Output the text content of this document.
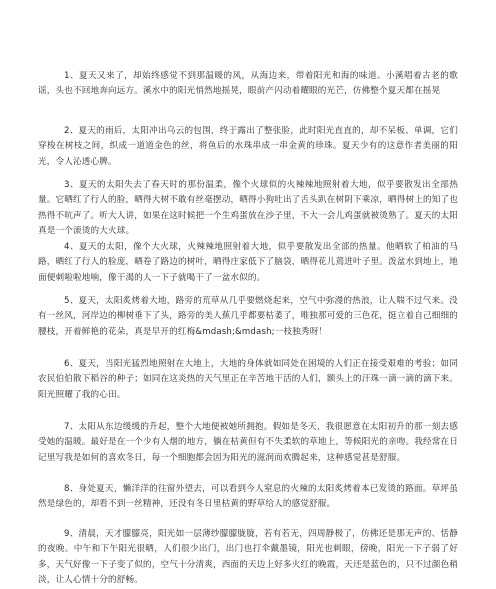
1、夏天又来了，却始终感觉不到那温暖的风，从海边来，带着阳光和海的味道。小溪唱着古老的歌谣，头也不回地奔向远方。溪水中的阳光悄然地摇晃，眼前产闪动着耀眼的光芒，仿佛整个夏天都在摇晃

2、夏天的雨后，太阳冲出乌云的包围，终于露出了整张脸，此时阳光直直的，却不呆板、单调，它们穿梭在树枝之间，织成一道道金色的丝，将鱼后的水珠串成一串金黄的珍珠。夏天少有的这意作者美丽的阳光，令人沁透心脾。

3、夏天的太阳失去了春天时的那份温柔，像个火球似的火辣辣地照射着大地，似乎要散发出全部热量。它晒红了行人的脸，晒得大树不敢有丝毫摆动，晒得小狗吐出了舌头趴在树阴下乘凉，晒得树上的知了也热得不吭声了。听大人讲，如果在这时候把一个生鸡蛋放在沙子里，不大一会儿鸡蛋就被烫熟了。夏天的太阳真是一个滚烫的大火球。

4、夏天的太阳，像个大火球，火辣辣地照射着大地，似乎要散发出全部的热量。他晒软了柏油的马路，晒红了行人的脸庞，晒卷了路边的树叶，晒得庄家低下了脑袋，晒得花儿蔫进叶子里。泼盆水到地上，地面便刺啦啦地响，像干渴的人一下子就喝干了一盆水似的。

5、夏天，太阳炙烤着大地，路旁的荒草从几乎要燃烧起来，空气中弥漫的热浪，让人喘不过气来。没有一丝风，河岸边的柳树垂下了头，路旁的美人蕉几乎都要枯萎了，唯独那可爱的三色花，挺立着自己细细的腰枝，开着鲜艳的花朵，真是早开的红梅&mdash;&mdash;一枝独秀呀！

6、夏天，当阳光猛烈地照射在大地上，大地的身体就如同处在困境的人们正在接受艰难的考验；如同农民伯伯散下稻谷的种子；如同在这炎热的天气里正在辛苦地干活的人们，额头上的汗珠一滴一滴的滴下来。阳光照耀了我的心田。

7、太阳从东边缓缓的升起，整个大地便被她所拥抱。假如是冬天，我很愿意在太阳初升的那一刻去感受她的温暖。最好是在一个少有人烟的地方，躺在枯黄但有不失柔软的草地上，等候阳光的亲吻。我经常在日记里写我是如何的喜欢冬日，每一个细胞都会因为阳光的滋润而欢腾起来，这种感觉甚是舒服。

8、身处夏天，懒洋洋的往窗外望去，可以看到今人窒息的火辣的太阳炙烤着本已发烫的路面。草坪虽然是绿色的，却看不到一丝精神，还没有冬日里枯黄的野草给人的感觉舒服。

9、清晨，天才朦朦亮，阳光如一层薄纱朦朦胧胧，若有若无，四周静极了，仿佛还是那无声的、恬静的夜晚。中午和下午阳光很晒，人们很少出门，出门也打伞戴墨镜，阳光也刺眼，傍晚，阳光一下子弱了好多，天气好像一下子变了似的，空气十分清爽，西面的天边上好多火红的晚霞，天还是蓝色的，只不过颜色稍淡，让人心情十分的舒畅。
